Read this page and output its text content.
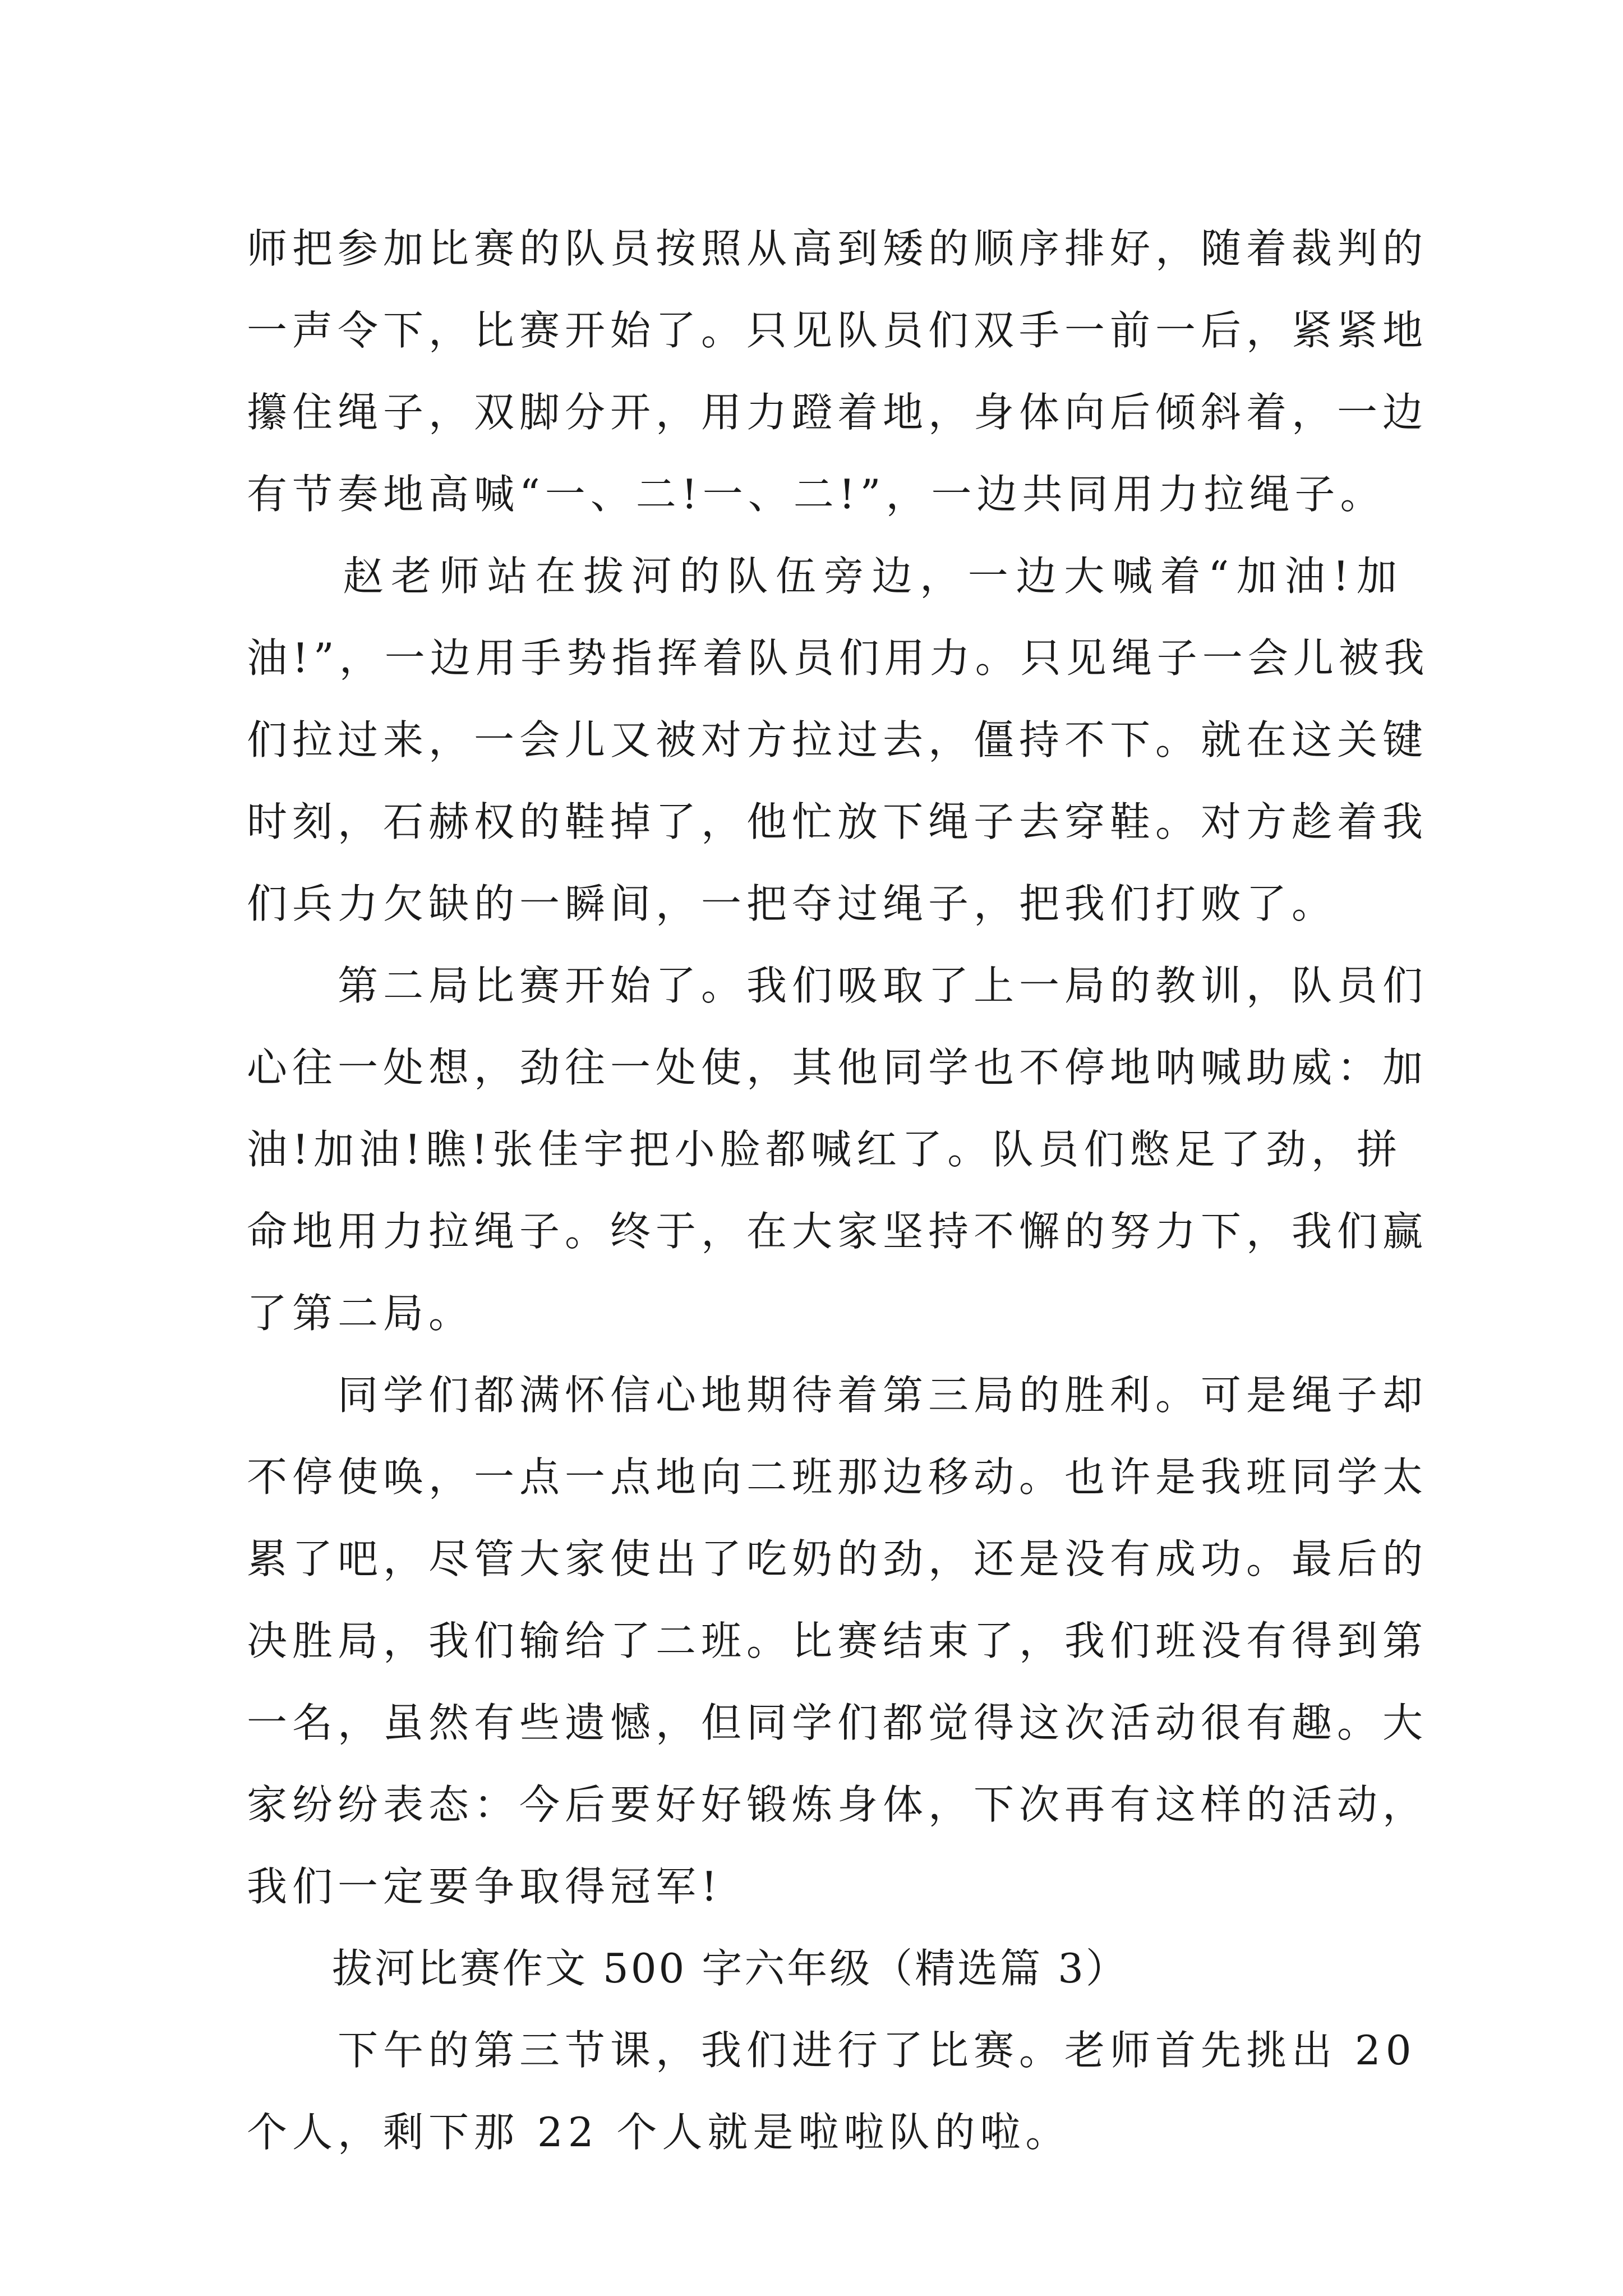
师把参加比赛的队员按照从高到矮的顺序排好，随着裁判的
一声令下，比赛开始了。只见队员们双手一前一后，紧紧地
攥住绳子，双脚分开，用力蹬着地，身体向后倾斜着，一边
有节奏地高喊“一、二!一、二!”，一边共同用力拉绳子。
　　赵老师站在拔河的队伍旁边，一边大喊着“加油!加
油!”，一边用手势指挥着队员们用力。只见绳子一会儿被我
们拉过来，一会儿又被对方拉过去，僵持不下。就在这关键
时刻，石赫权的鞋掉了，他忙放下绳子去穿鞋。对方趁着我
们兵力欠缺的一瞬间，一把夺过绳子，把我们打败了。
　　第二局比赛开始了。我们吸取了上一局的教训，队员们
心往一处想，劲往一处使，其他同学也不停地呐喊助威：加
油!加油!瞧!张佳宇把小脸都喊红了。队员们憋足了劲，拼
命地用力拉绳子。终于，在大家坚持不懈的努力下，我们赢
了第二局。
　　同学们都满怀信心地期待着第三局的胜利。可是绳子却
不停使唤，一点一点地向二班那边移动。也许是我班同学太
累了吧，尽管大家使出了吃奶的劲，还是没有成功。最后的
决胜局，我们输给了二班。比赛结束了，我们班没有得到第
一名，虽然有些遗憾，但同学们都觉得这次活动很有趣。大
家纷纷表态：今后要好好锻炼身体，下次再有这样的活动，
我们一定要争取得冠军!
　　拔河比赛作文 500 字六年级（精选篇 3）
　　下午的第三节课，我们进行了比赛。老师首先挑出 20
个人，剩下那 22 个人就是啦啦队的啦。
